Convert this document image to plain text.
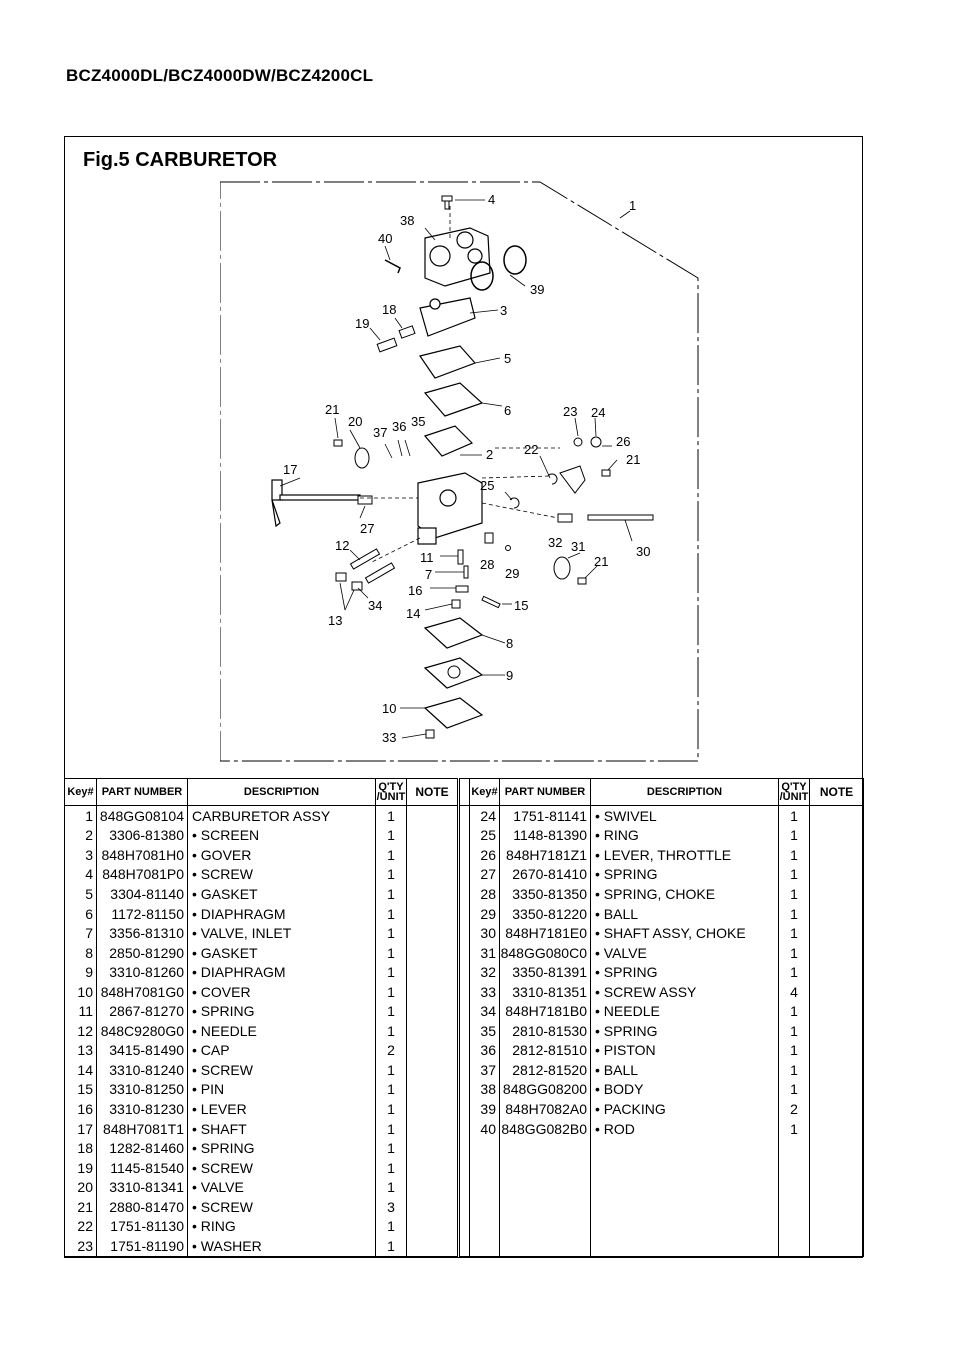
BCZ4000DL/BCZ4000DW/BCZ4200CL
Fig.5 CARBURETOR
1
2
3
4
5
6
7
8
9
10
11
12
13	14
15
16
17
18
19
20
21
21
21
22
23 24
25
26
27
28
29
30
31
32
33
34
35
36
37
38
39
40
Key#	PART NUMBER	DESCRIPTION	Q'TY
/UNIT	NOTE
1	848GG08104	CARBURETOR ASSY	1	
2	3306-81380	• SCREEN	1	
3	848H7081H0	• GOVER	1	
4	848H7081P0	• SCREW	1	
5	3304-81140	• GASKET	1	
6	1172-81150	• DIAPHRAGM	1	
7	3356-81310	• VALVE, INLET	1	
8	2850-81290	• GASKET	1	
9	3310-81260	• DIAPHRAGM	1	
10	848H7081G0	• COVER	1	
11	2867-81270	• SPRING	1	
12	848C9280G0	• NEEDLE	1	
13	3415-81490	• CAP	2	
14	3310-81240	• SCREW	1	
15	3310-81250	• PIN	1	
16	3310-81230	• LEVER	1	
17	848H7081T1	• SHAFT	1	
18	1282-81460	• SPRING	1	
19	1145-81540	• SCREW	1	
20	3310-81341	• VALVE	1	
21	2880-81470	• SCREW	3	
22	1751-81130	• RING	1	
23	1751-81190	• WASHER	1	
	Key#	PART NUMBER	DESCRIPTION	Q'TY
/UNIT	NOTE
	24	1751-81141	• SWIVEL	1	
	25	1148-81390	• RING	1	
	26	848H7181Z1	• LEVER, THROTTLE	1	
	27	2670-81410	• SPRING	1	
	28	3350-81350	• SPRING, CHOKE	1	
	29	3350-81220	• BALL	1	
	30	848H7181E0	• SHAFT ASSY, CHOKE	1	
	31	848GG080C0	• VALVE	1	
	32	3350-81391	• SPRING	1	
	33	3310-81351	• SCREW ASSY	4	
	34	848H7181B0	• NEEDLE	1	
	35	2810-81530	• SPRING	1	
	36	2812-81510	• PISTON	1	
	37	2812-81520	• BALL	1	
	38	848GG08200	• BODY	1	
	39	848H7082A0	• PACKING	2	
	40	848GG082B0	• ROD	1	
